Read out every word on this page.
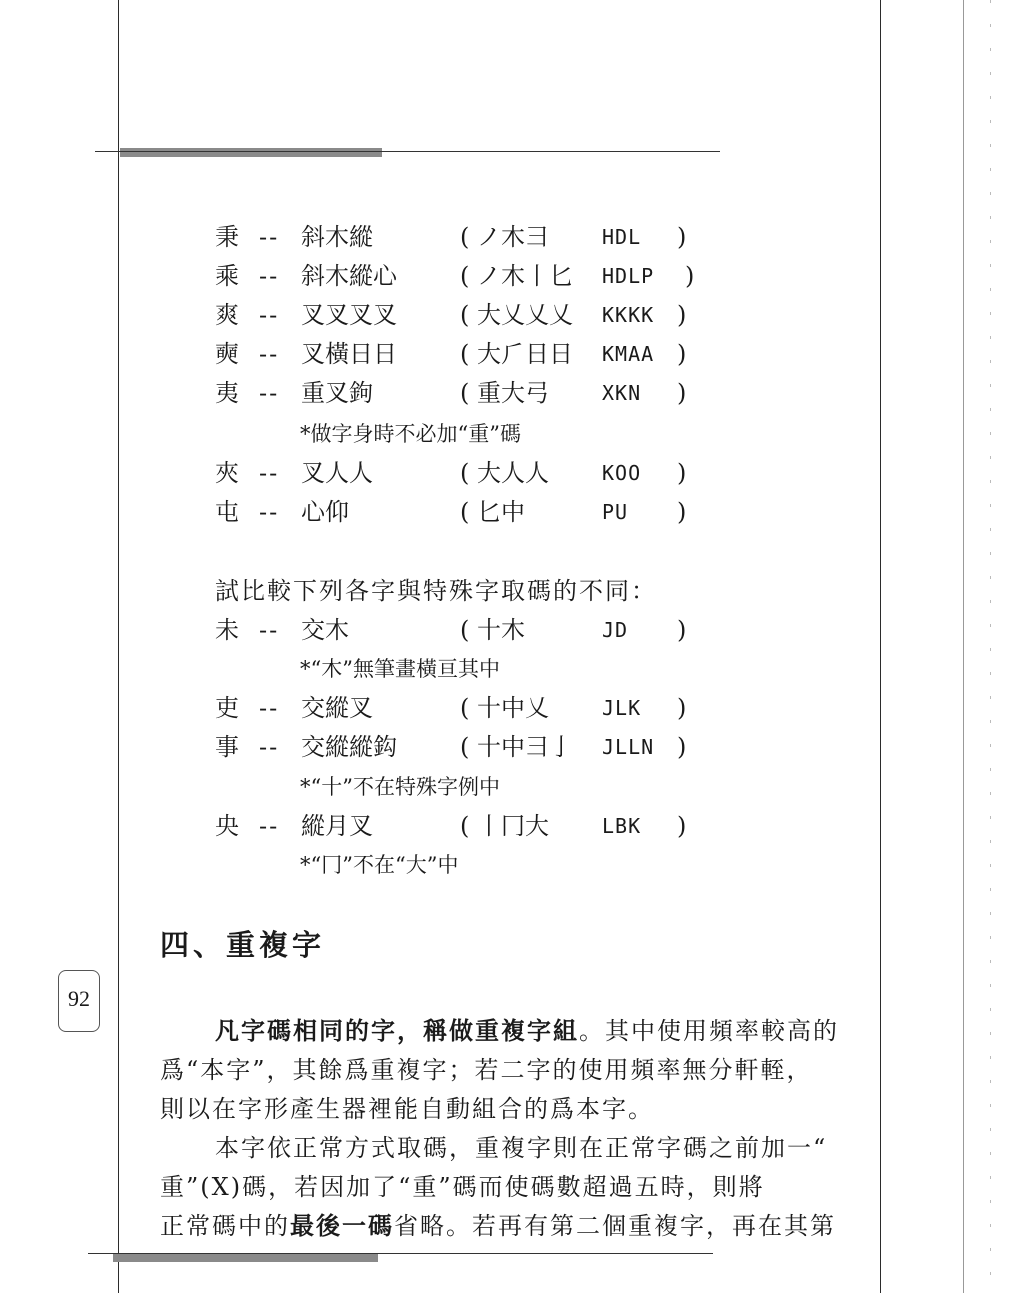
秉 -- 斜木縱	( ノ木⺕	HDL )
乘 -- 斜木縱心	( ノ木丨匕 HDLP )
爽 -- 叉叉叉叉	( 大乂乂乂 KKKK )
奭 -- 叉橫日日	( 大⺁日日 KMAA )
夷 -- 重叉鉤	( 重大弓	XKN )
*做字身時不必加“重”碼
夾 -- 叉人人	( 大人人	KOO )
屯 -- 心仰	( 匕中	PU )
試比較下列各字與特殊字取碼的不同：
未 -- 交木	( 十木	JD )
*“木”無筆畫橫亘其中
吏 -- 交縱叉	( 十中乂	JLK )
事 -- 交縱縱鈎	( 十中⺕亅 JLLN )
*“十”不在特殊字例中
央 -- 縱月叉	( 丨冂大	LBK )
*“冂”不在“大”中
四、重複字
92
凡字碼相同的字，稱做重複字組。其中使用頻率較高的
爲“本字”，其餘爲重複字；若二字的使用頻率無分軒輊，
則以在字形產生器裡能自動組合的爲本字。
本字依正常方式取碼，重複字則在正常字碼之前加一“
重”(X)碼，若因加了“重”碼而使碼數超過五時，則將
正常碼中的最後一碼省略。若再有第二個重複字，再在其第
